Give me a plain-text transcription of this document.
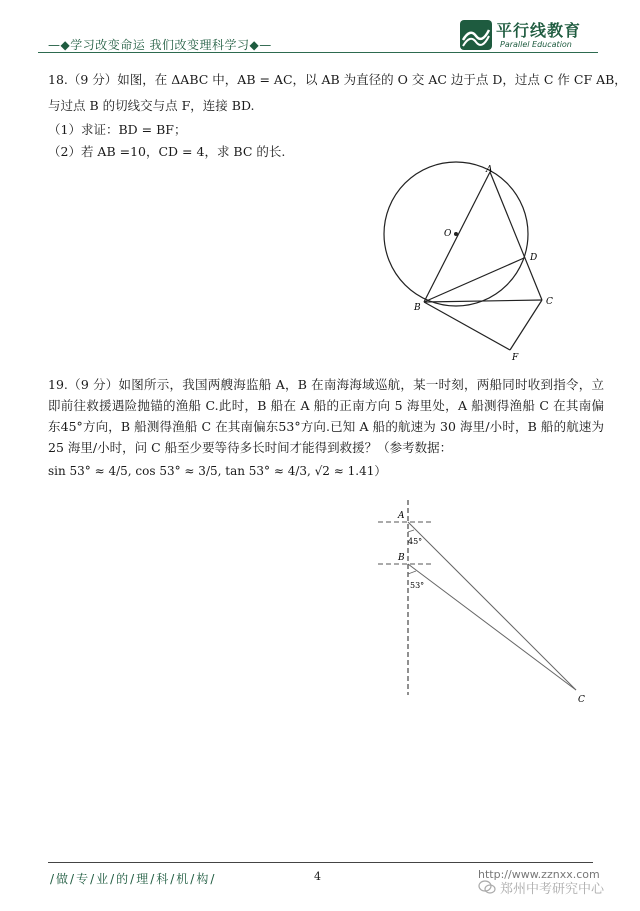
—◆学习改变命运 我们改变理科学习◆—
平行线教育
Parallel Education
18.（9 分）如图，在 ΔABC 中，AB = AC，以 AB 为直径的 O 交 AC 边于点 D，过点 C 作 CF AB，
与过点 B 的切线交与点 F，连接 BD.
（1）求证：BD = BF；
（2）若 AB =10，CD = 4，求 BC 的长.
A
O
D
B
C
F
19.（9 分）如图所示，我国两艘海监船 A，B 在南海海域巡航，某一时刻，两船同时收到指令，立即前往救援遇险抛锚的渔船 C.此时，B 船在 A 船的正南方向 5 海里处，A 船测得渔船 C 在其南偏东45°方向，B 船测得渔船 C 在其南偏东53°方向.已知 A 船的航速为 30 海里/小时，B 船的航速为 25 海里/小时，问 C 船至少要等待多长时间才能得到救援？（参考数据：
sin 53° ≈ 4/5, cos 53° ≈ 3/5, tan 53° ≈ 4/3, √2 ≈ 1.41）
A
B
45°
53°
C
/做/专/业/的/理/科/机/构/	4	http://www.zznxx.com
郑州中考研究中心
